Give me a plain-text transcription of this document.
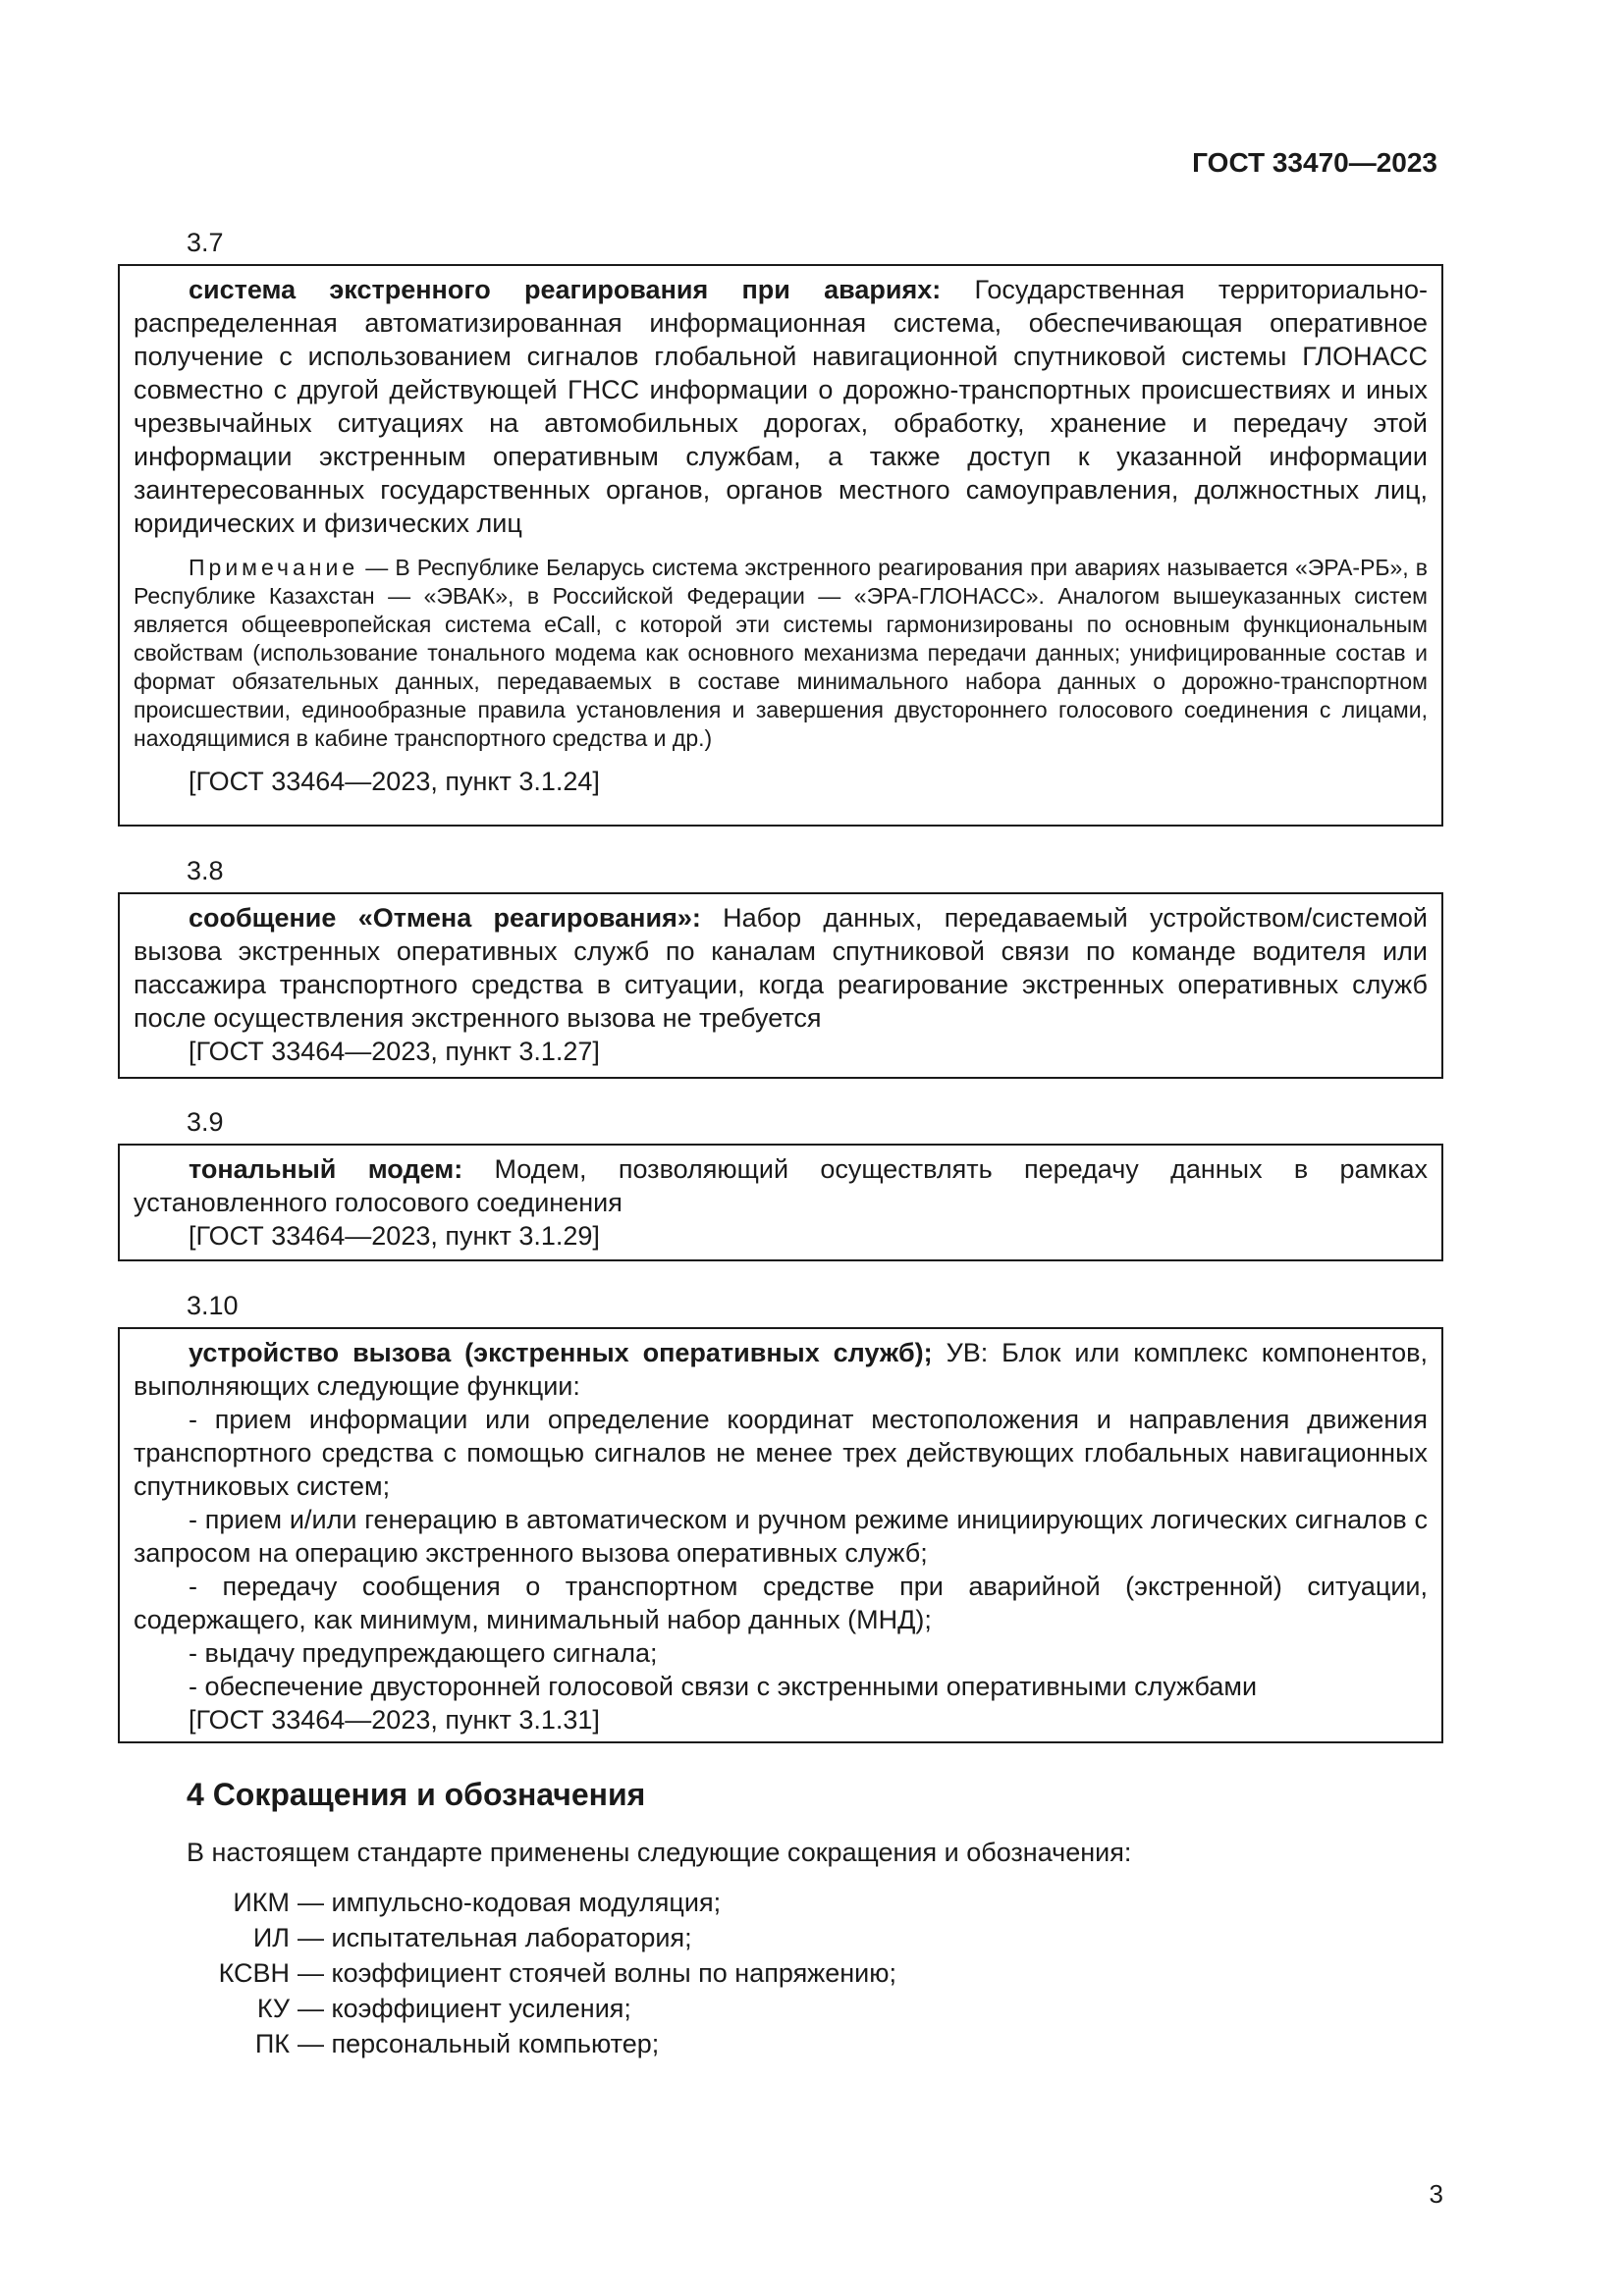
ГОСТ 33470—2023
3.7

система экстренного реагирования при авариях: Государственная территориально-распределенная автоматизированная информационная система, обеспечивающая оперативное получение с использованием сигналов глобальной навигационной спутниковой системы ГЛОНАСС совместно с другой действующей ГНСС информации о дорожно-транспортных происшествиях и иных чрезвычайных ситуациях на автомобильных дорогах, обработку, хранение и передачу этой информации экстренным оперативным службам, а также доступ к указанной информации заинтересованных государственных органов, органов местного самоуправления, должностных лиц, юридических и физических лиц

Примечание — В Республике Беларусь система экстренного реагирования при авариях называется «ЭРА-РБ», в Республике Казахстан — «ЭВАК», в Российской Федерации — «ЭРА-ГЛОНАСС». Аналогом вышеуказанных систем является общеевропейская система eCall, с которой эти системы гармонизированы по основным функциональным свойствам (использование тонального модема как основного механизма передачи данных; унифицированные состав и формат обязательных данных, передаваемых в составе минимального набора данных о дорожно-транспортном происшествии, единообразные правила установления и завершения двустороннего голосового соединения с лицами, находящимися в кабине транспортного средства и др.)

[ГОСТ 33464—2023, пункт 3.1.24]

3.8

сообщение «Отмена реагирования»: Набор данных, передаваемый устройством/системой вызова экстренных оперативных служб по каналам спутниковой связи по команде водителя или пассажира транспортного средства в ситуации, когда реагирование экстренных оперативных служб после осуществления экстренного вызова не требуется

[ГОСТ 33464—2023, пункт 3.1.27]

3.9

тональный модем: Модем, позволяющий осуществлять передачу данных в рамках установленного голосового соединения

[ГОСТ 33464—2023, пункт 3.1.29]

3.10

устройство вызова (экстренных оперативных служб); УВ: Блок или комплекс компонентов, выполняющих следующие функции:

- прием информации или определение координат местоположения и направления движения транспортного средства с помощью сигналов не менее трех действующих глобальных навигационных спутниковых систем;

- прием и/или генерацию в автоматическом и ручном режиме инициирующих логических сигналов с запросом на операцию экстренного вызова оперативных служб;

- передачу сообщения о транспортном средстве при аварийной (экстренной) ситуации, содержащего, как минимум, минимальный набор данных (МНД);

- выдачу предупреждающего сигнала;

- обеспечение двусторонней голосовой связи с экстренными оперативными службами

[ГОСТ 33464—2023, пункт 3.1.31]

4 Сокращения и обозначения
В настоящем стандарте применены следующие сокращения и обозначения:
ИКМ — импульсно-кодовая модуляция;
ИЛ — испытательная лаборатория;
КСВН — коэффициент стоячей волны по напряжению;
КУ — коэффициент усиления;
ПК — персональный компьютер;
3
